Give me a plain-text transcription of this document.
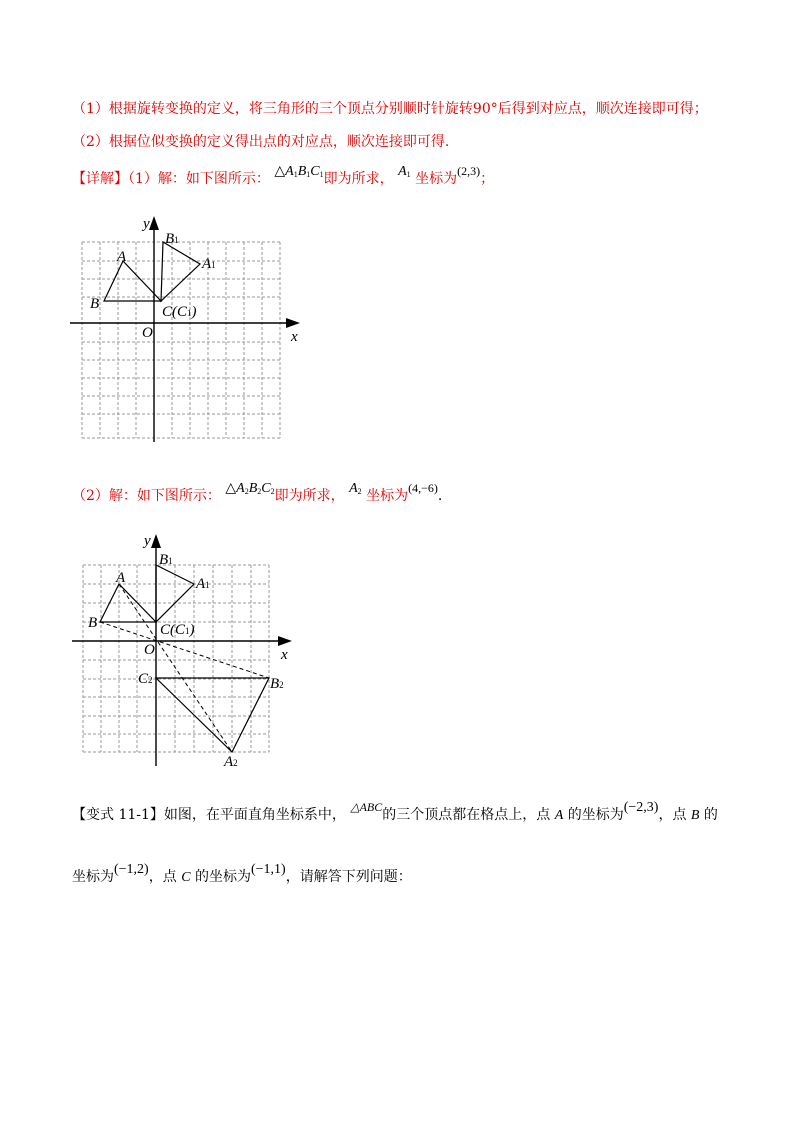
（1）根据旋转变换的定义，将三角形的三个顶点分别顺时针旋转90°后得到对应点，顺次连接即可得；
（2）根据位似变换的定义得出点的对应点，顺次连接即可得.
【详解】（1）解：如下图所示： $\triangle A_1B_1C_1$即为所求， $A_1$ 坐标为(2,3)；
x
y
O
A
B	C(C1)
B1
A1
（2）解：如下图所示： $\triangle A_2B_2C_2$即为所求， $A_2$ 坐标为(4,−6).
x
y
O
A
B	C(C1)
B1
A1
C2	B2
A2
【变式 11-1】如图，在平面直角坐标系中， △ABC的三个顶点都在格点上，点 A 的坐标为(−2,3)，点 B 的
坐标为(−1,2)，点 C 的坐标为(−1,1)，请解答下列问题：
